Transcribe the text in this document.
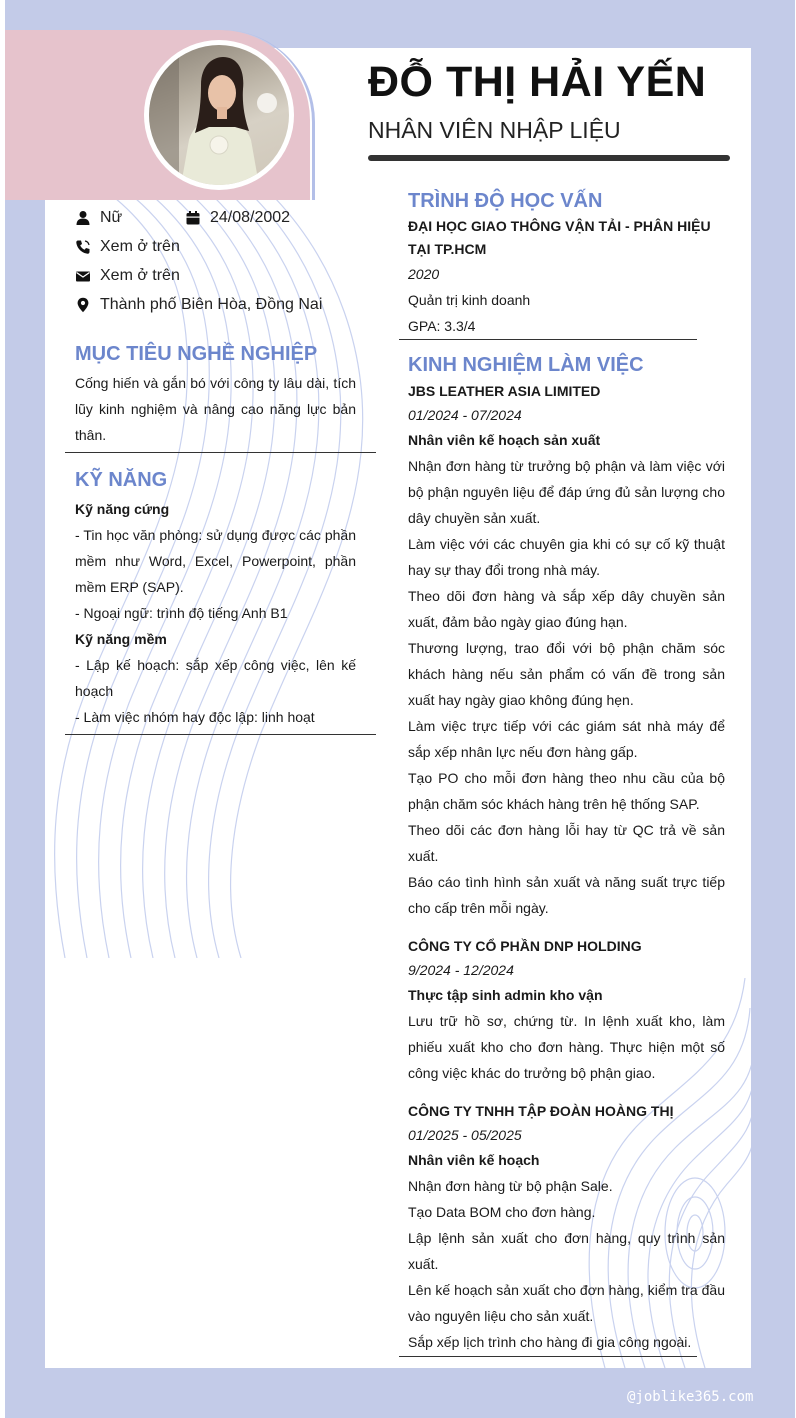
ĐỖ THỊ HẢI YẾN
NHÂN VIÊN NHẬP LIỆU
Nữ	24/08/2002
Xem ở trên
Xem ở trên
Thành phố Biên Hòa, Đồng Nai
MỤC TIÊU NGHỀ NGHIỆP
Cống hiến và gắn bó với công ty lâu dài, tích lũy kinh nghiệm và nâng cao năng lực bản thân.
KỸ NĂNG
Kỹ năng cứng
- Tin học văn phòng: sử dụng được các phần mềm như Word, Excel, Powerpoint, phần mềm ERP (SAP).
- Ngoại ngữ: trình độ tiếng Anh B1
Kỹ năng mềm
- Lập kế hoạch: sắp xếp công việc, lên kế hoạch
- Làm việc nhóm hay độc lập: linh hoạt
TRÌNH ĐỘ HỌC VẤN
ĐẠI HỌC GIAO THÔNG VẬN TẢI - PHÂN HIỆU TẠI TP.HCM
2020
Quản trị kinh doanh
GPA: 3.3/4
KINH NGHIỆM LÀM VIỆC
JBS LEATHER ASIA LIMITED
01/2024 - 07/2024
Nhân viên kế hoạch sản xuất
Nhận đơn hàng từ trưởng bộ phận và làm việc với bộ phận nguyên liệu để đáp ứng đủ sản lượng cho dây chuyền sản xuất.
Làm việc với các chuyên gia khi có sự cố kỹ thuật hay sự thay đổi trong nhà máy.
Theo dõi đơn hàng và sắp xếp dây chuyền sản xuất, đảm bảo ngày giao đúng hạn.
Thương lượng, trao đổi với bộ phận chăm sóc khách hàng nếu sản phẩm có vấn đề trong sản xuất hay ngày giao không đúng hẹn.
Làm việc trực tiếp với các giám sát nhà máy để sắp xếp nhân lực nếu đơn hàng gấp.
Tạo PO cho mỗi đơn hàng theo nhu cầu của bộ phận chăm sóc khách hàng trên hệ thống SAP.
Theo dõi các đơn hàng lỗi hay từ QC trả về sản xuất.
Báo cáo tình hình sản xuất và năng suất trực tiếp cho cấp trên mỗi ngày.
CÔNG TY CỔ PHẦN DNP HOLDING
9/2024 - 12/2024
Thực tập sinh admin kho vận
Lưu trữ hồ sơ, chứng từ. In lệnh xuất kho, làm phiếu xuất kho cho đơn hàng. Thực hiện một số công việc khác do trưởng bộ phận giao.
CÔNG TY TNHH TẬP ĐOÀN HOÀNG THỊ
01/2025 - 05/2025
Nhân viên kế hoạch
Nhận đơn hàng từ bộ phận Sale.
Tạo Data BOM cho đơn hàng.
Lập lệnh sản xuất cho đơn hàng, quy trình sản xuất.
Lên kế hoạch sản xuất cho đơn hàng, kiểm tra đầu vào nguyên liệu cho sản xuất.
Sắp xếp lịch trình cho hàng đi gia công ngoài.
@joblike365.com
